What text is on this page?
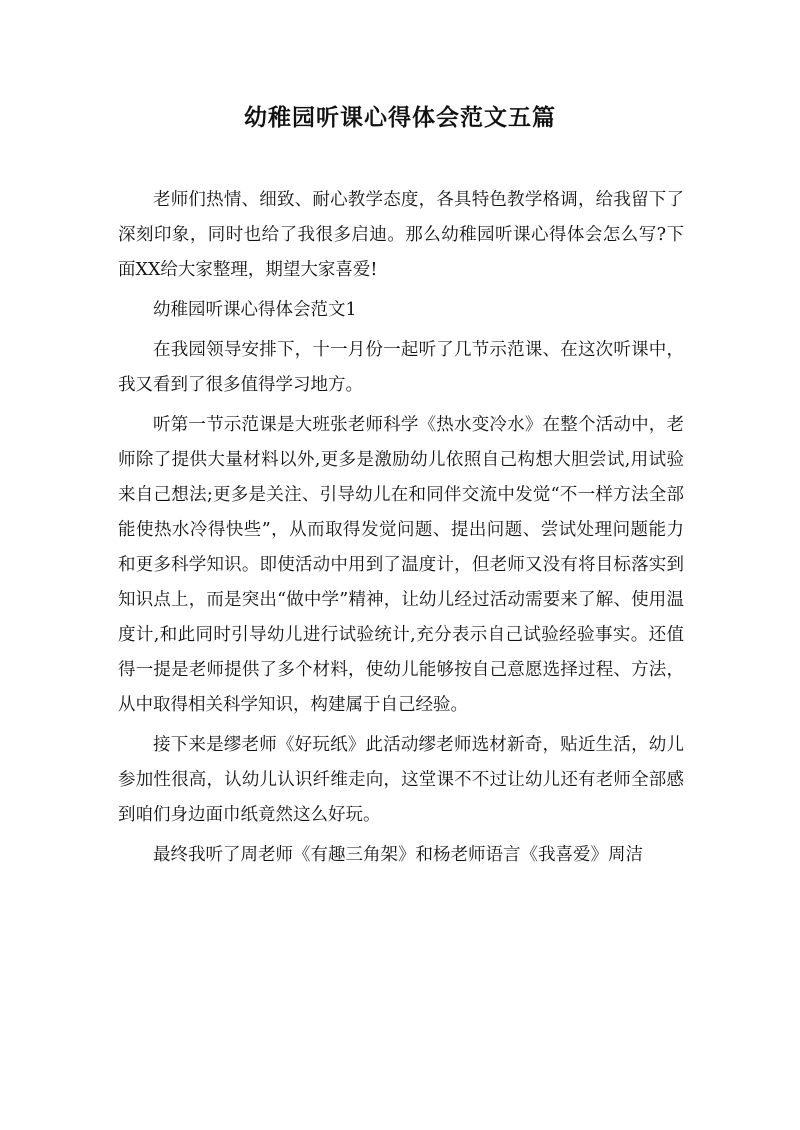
幼稚园听课心得体会范文五篇

老师们热情、细致、耐心教学态度，各具特色教学格调，给我留下了深刻印象，同时也给了我很多启迪。那么幼稚园听课心得体会怎么写?下面XX给大家整理，期望大家喜爱!

幼稚园听课心得体会范文1

在我园领导安排下，十一月份一起听了几节示范课、在这次听课中，我又看到了很多值得学习地方。

听第一节示范课是大班张老师科学《热水变冷水》在整个活动中，老师除了提供大量材料以外,更多是激励幼儿依照自己构想大胆尝试,用试验来自己想法;更多是关注、引导幼儿在和同伴交流中发觉“不一样方法全部能使热水冷得快些”，从而取得发觉问题、提出问题、尝试处理问题能力和更多科学知识。即使活动中用到了温度计，但老师又没有将目标落实到知识点上，而是突出“做中学”精神，让幼儿经过活动需要来了解、使用温度计,和此同时引导幼儿进行试验统计,充分表示自己试验经验事实。还值得一提是老师提供了多个材料，使幼儿能够按自己意愿选择过程、方法，从中取得相关科学知识，构建属于自己经验。

接下来是缪老师《好玩纸》此活动缪老师选材新奇，贴近生活，幼儿参加性很高，认幼儿认识纤维走向，这堂课不不过让幼儿还有老师全部感到咱们身边面巾纸竟然这么好玩。

最终我听了周老师《有趣三角架》和杨老师语言《我喜爱》周洁
